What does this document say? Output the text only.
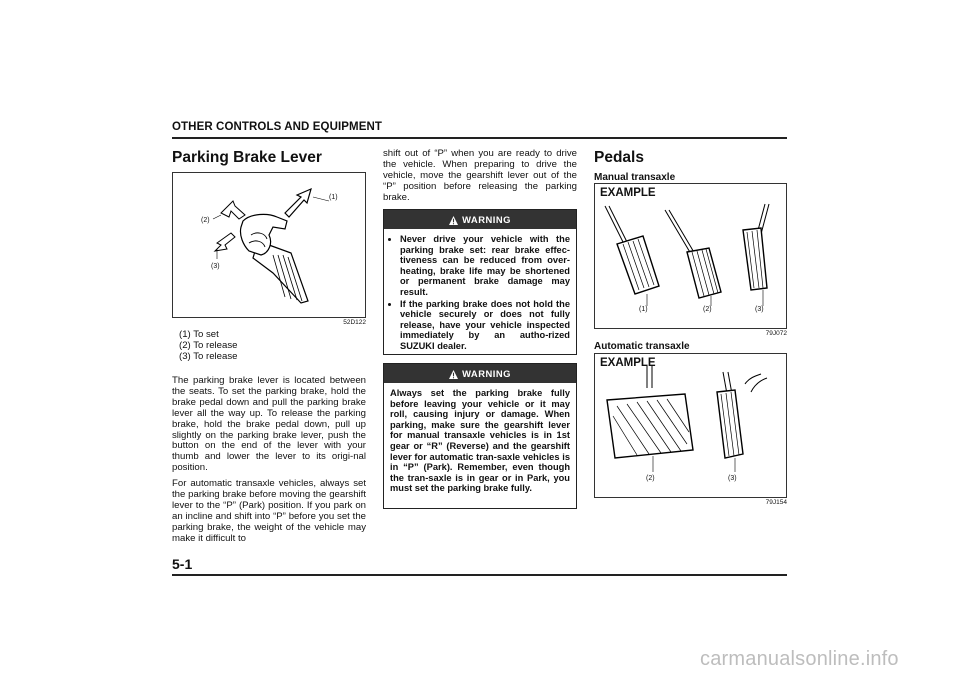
OTHER CONTROLS AND EQUIPMENT
Parking Brake Lever
(1)
(2)
(3)
52D122
(1) To set
(2) To release
(3) To release

The parking brake lever is located between the seats. To set the parking brake, hold the brake pedal down and pull the parking brake lever all the way up. To release the parking brake, hold the brake pedal down, pull up slightly on the parking brake lever, push the button on the end of the lever with your thumb and lower the lever to its origi-nal position.

For automatic transaxle vehicles, always set the parking brake before moving the gearshift lever to the “P” (Park) position. If you park on an incline and shift into “P” before you set the parking brake, the weight of the vehicle may make it difficult to

shift out of “P” when you are ready to drive the vehicle. When preparing to drive the vehicle, move the gearshift lever out of the “P” position before releasing the parking brake.

WARNING
• Never drive your vehicle with the parking brake set: rear brake effec-tiveness can be reduced from over-heating, brake life may be shortened or permanent brake damage may result.
• If the parking brake does not hold the vehicle securely or does not fully release, have your vehicle inspected immediately by an autho-rized SUZUKI dealer.
WARNING
Always set the parking brake fully before leaving your vehicle or it may roll, causing injury or damage. When parking, make sure the gearshift lever for manual transaxle vehicles is in 1st gear or “R” (Reverse) and the gearshift lever for automatic tran-saxle vehicles is in “P” (Park). Remember, even though the tran-saxle is in gear or in Park, you must set the parking brake fully.
Pedals
Manual transaxle
EXAMPLE
(1)	(2)	(3)
79J072
Automatic transaxle
EXAMPLE
(2)	(3)
79J154
5-1
carmanualsonline.info
